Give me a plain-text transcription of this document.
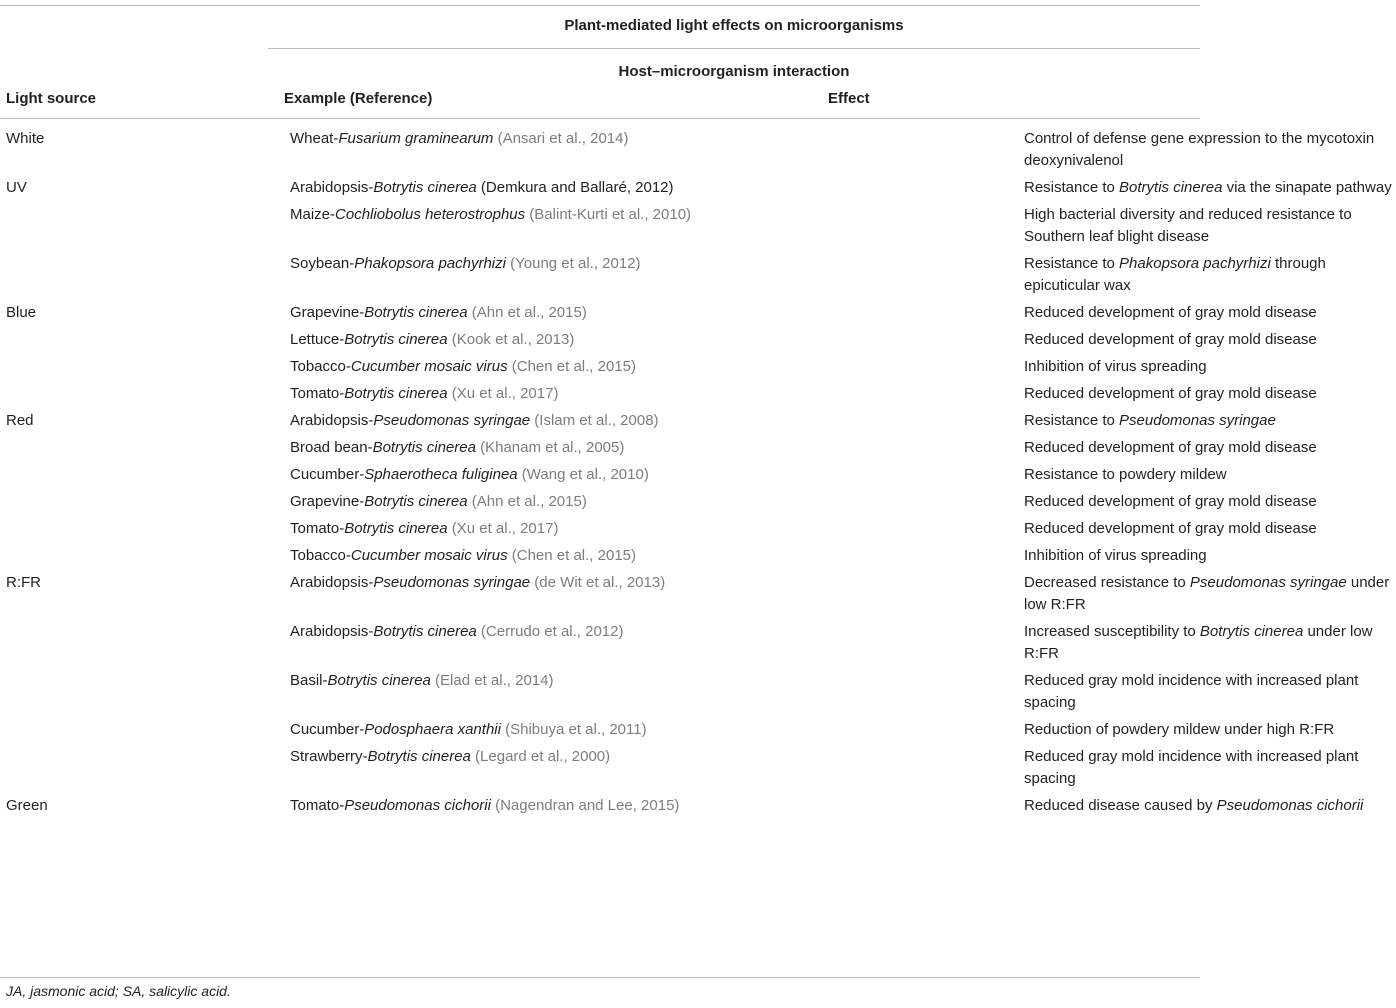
Plant-mediated light effects on microorganisms
Host–microorganism interaction
Light source	Example (Reference)	Effect
White	Wheat-Fusarium graminearum (Ansari et al., 2014)	Control of defense gene expression to the mycotoxin deoxynivalenol
UV	Arabidopsis-Botrytis cinerea (Demkura and Ballaré, 2012)	Resistance to Botrytis cinerea via the sinapate pathway
	Maize-Cochliobolus heterostrophus (Balint-Kurti et al., 2010)	High bacterial diversity and reduced resistance to Southern leaf blight disease
	Soybean-Phakopsora pachyrhizi (Young et al., 2012)	Resistance to Phakopsora pachyrhizi through epicuticular wax
Blue	Grapevine-Botrytis cinerea (Ahn et al., 2015)	Reduced development of gray mold disease
	Lettuce-Botrytis cinerea (Kook et al., 2013)	Reduced development of gray mold disease
	Tobacco-Cucumber mosaic virus (Chen et al., 2015)	Inhibition of virus spreading
	Tomato-Botrytis cinerea (Xu et al., 2017)	Reduced development of gray mold disease
Red	Arabidopsis-Pseudomonas syringae (Islam et al., 2008)	Resistance to Pseudomonas syringae
	Broad bean-Botrytis cinerea (Khanam et al., 2005)	Reduced development of gray mold disease
	Cucumber-Sphaerotheca fuliginea (Wang et al., 2010)	Resistance to powdery mildew
	Grapevine-Botrytis cinerea (Ahn et al., 2015)	Reduced development of gray mold disease
	Tomato-Botrytis cinerea (Xu et al., 2017)	Reduced development of gray mold disease
	Tobacco-Cucumber mosaic virus (Chen et al., 2015)	Inhibition of virus spreading
R:FR	Arabidopsis-Pseudomonas syringae (de Wit et al., 2013)	Decreased resistance to Pseudomonas syringae under low R:FR
	Arabidopsis-Botrytis cinerea (Cerrudo et al., 2012)	Increased susceptibility to Botrytis cinerea under low R:FR
	Basil-Botrytis cinerea (Elad et al., 2014)	Reduced gray mold incidence with increased plant spacing
	Cucumber-Podosphaera xanthii (Shibuya et al., 2011)	Reduction of powdery mildew under high R:FR
	Strawberry-Botrytis cinerea (Legard et al., 2000)	Reduced gray mold incidence with increased plant spacing
Green	Tomato-Pseudomonas cichorii (Nagendran and Lee, 2015)	Reduced disease caused by Pseudomonas cichorii
JA, jasmonic acid; SA, salicylic acid.
